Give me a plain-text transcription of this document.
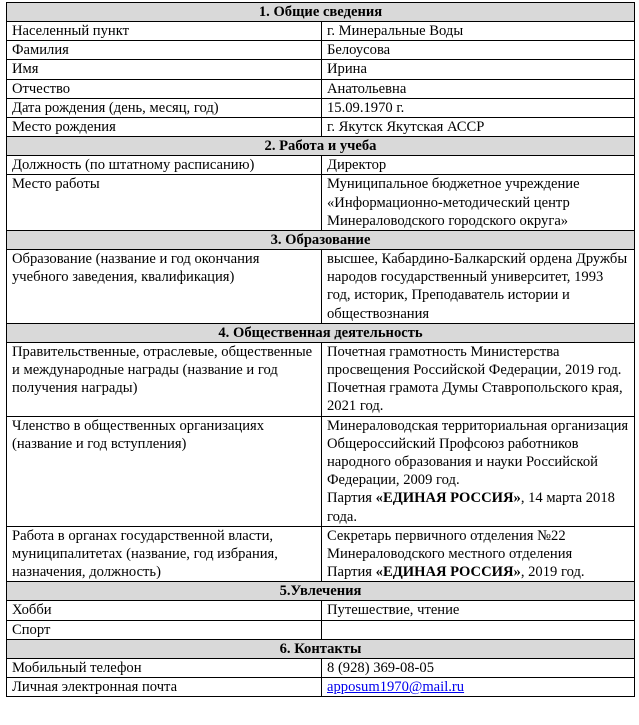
1. Общие сведения	
Населенный пункт	г. Минеральные Воды
Фамилия	Белоусова
Имя	Ирина
Отчество	Анатольевна
Дата рождения (день, месяц, год)	15.09.1970 г.
Место рождения	г. Якутск Якутская АССР
2. Работа и учеба	
Должность (по штатному расписанию)	Директор
Место работы	Муниципальное бюджетное учреждение «Информационно-методический центр Минераловодского городского округа»
3. Образование	
Образование (название и год окончания учебного заведения, квалификация)	высшее, Кабардино-Балкарский ордена Дружбы народов государственный университет, 1993 год, историк, Преподаватель истории и обществознания
4. Общественная деятельность	
Правительственные, отраслевые, общественные и международные награды (название и год получения награды)	Почетная грамотность Министерства просвещения Российской Федерации, 2019 год.
Почетная грамота Думы Ставропольского края, 2021 год.

Членство в общественных организациях (название и год вступления)	Минераловодская территориальная организация Общероссийский Профсоюз работников народного образования и науки Российской Федерации, 2009 год.
Партия «ЕДИНАЯ РОССИЯ», 14 марта 2018 года.

Работа в органах государственной власти, муниципалитетах (название, год избрания, назначения, должность)	Секретарь первичного отделения №22 Минераловодского местного отделения
Партия «ЕДИНАЯ РОССИЯ», 2019 год.

5.Увлечения	
Хобби	Путешествие, чтение
Спорт	
6. Контакты	
Мобильный телефон	8 (928) 369-08-05
Личная электронная почта	apposum1970@mail.ru
